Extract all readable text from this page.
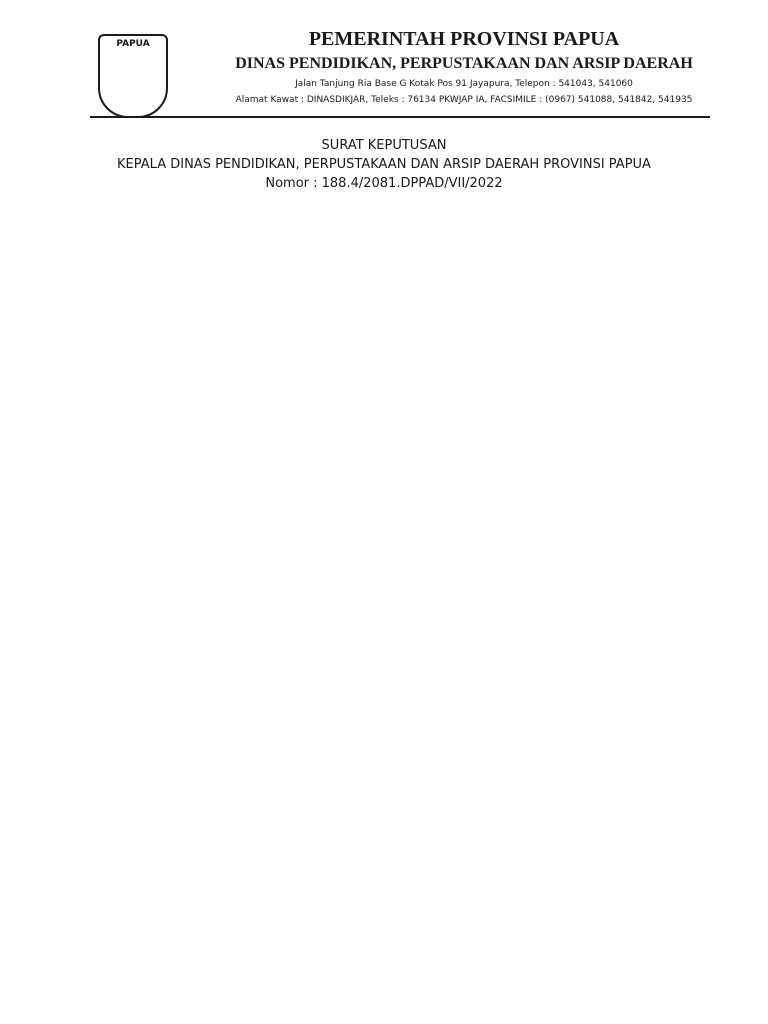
PAPUA	PEMERINTAH PROVINSI PAPUA
DINAS PENDIDIKAN, PERPUSTAKAAN DAN ARSIP DAERAH
Jalan Tanjung Ria Base G Kotak Pos 91 Jayapura, Telepon : 541043, 541060
Alamat Kawat : DINASDIKJAR, Teleks : 76134 PKWJAP IA, FACSIMILE : (0967) 541088, 541842, 541935
SURAT KEPUTUSAN
KEPALA DINAS PENDIDIKAN, PERPUSTAKAAN DAN ARSIP DAERAH PROVINSI PAPUA
Nomor : 188.4/2081.DPPAD/VII/2022
